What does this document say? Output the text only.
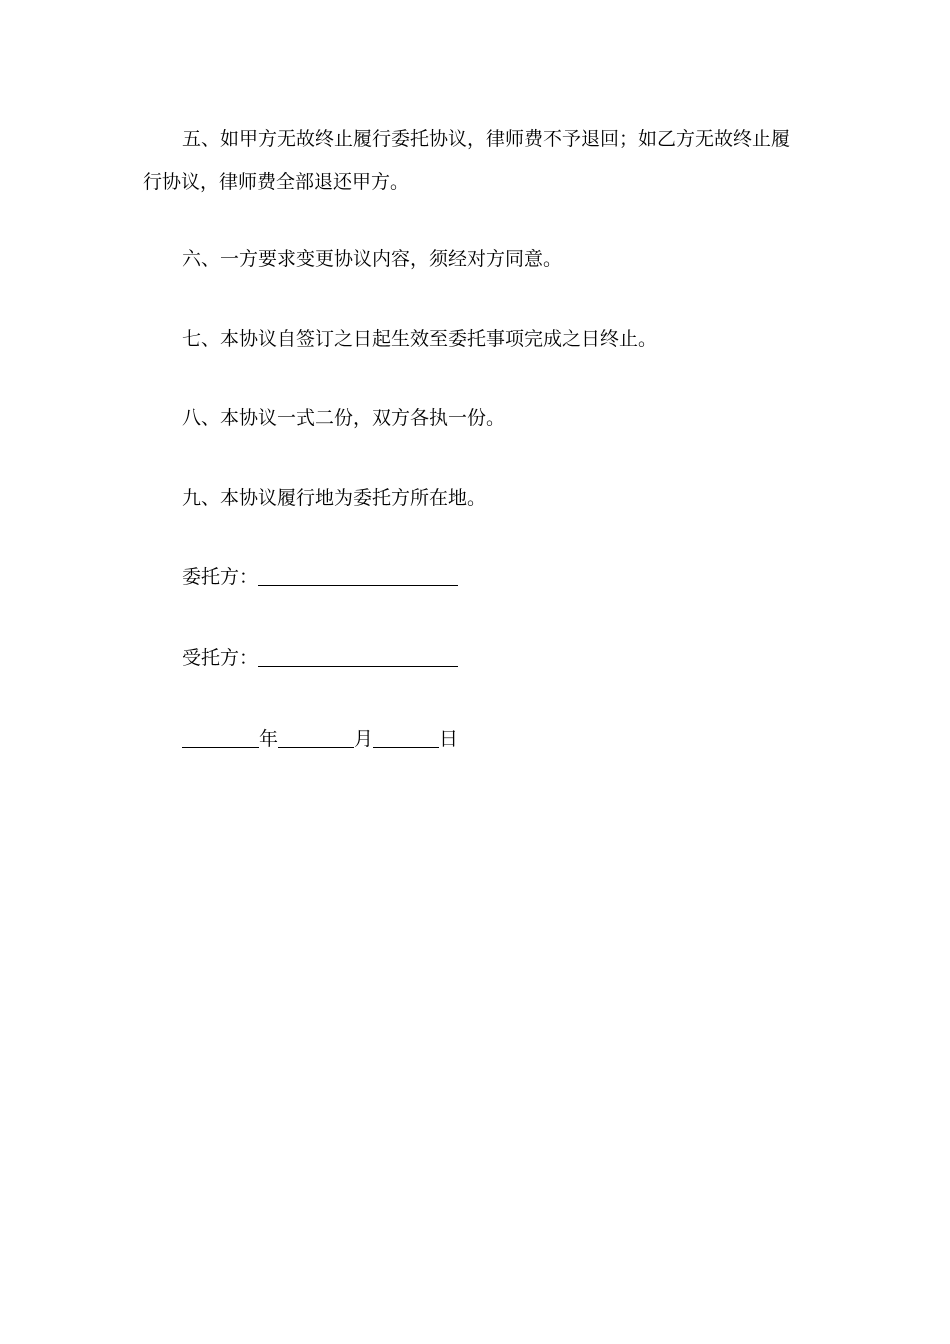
五、如甲方无故终止履行委托协议，律师费不予退回；如乙方无故终止履
行协议，律师费全部退还甲方。
六、一方要求变更协议内容，须经对方同意。
七、本协议自签订之日起生效至委托事项完成之日终止。
八、本协议一式二份，双方各执一份。
九、本协议履行地为委托方所在地。
委托方：
受托方：
年	月	日
